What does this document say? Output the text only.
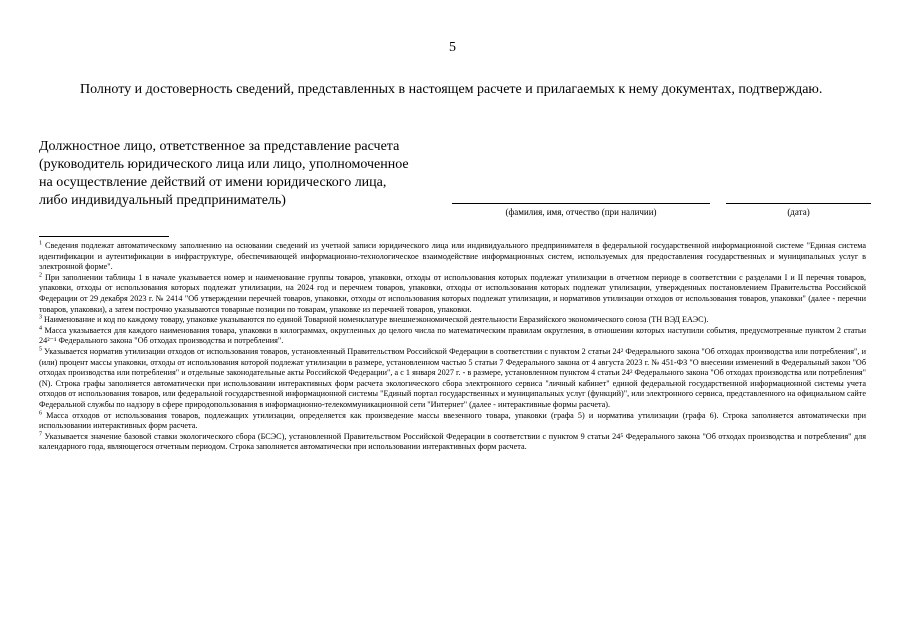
5

Полноту и достоверность сведений, представленных в настоящем расчете и прилагаемых к нему документах, подтверждаю.

Должностное лицо, ответственное за представление расчета
(руководитель юридического лица или лицо, уполномоченное
на осуществление действий от имени юридического лица,
либо индивидуальный предприниматель)

(фамилия, имя, отчество (при наличии)	(дата)
$^1$ Сведения подлежат автоматическому заполнению на основании сведений из учетной записи юридического лица или индивидуального предпринимателя в федеральной государственной информационной системе "Единая система идентификации и аутентификации в инфраструктуре, обеспечивающей информационно-технологическое взаимодействие информационных систем, используемых для предоставления государственных и муниципальных услуг в электронной форме".
$^2$ При заполнении таблицы 1 в начале указывается номер и наименование группы товаров, упаковки, отходы от использования которых подлежат утилизации в отчетном периоде в соответствии с разделами I и II перечня товаров, упаковки, отходы от использования которых подлежат утилизации, на 2024 год и перечнем товаров, упаковки, отходы от использования которых подлежат утилизации, утвержденных постановлением Правительства Российской Федерации от 29 декабря 2023 г. № 2414 "Об утверждении перечней товаров, упаковки, отходы от использования которых подлежат утилизации, и нормативов утилизации отходов от использования товаров, упаковки" (далее - перечни товаров, упаковки), а затем построчно указываются товарные позиции по товарам, упаковке из перечней товаров, упаковки.
$^3$ Наименование и код по каждому товару, упаковке указываются по единой Товарной номенклатуре внешнеэкономической деятельности Евразийского экономического союза (ТН ВЭД ЕАЭС).
$^4$ Масса указывается для каждого наименования товара, упаковки в килограммах, округленных до целого числа по математическим правилам округления, в отношении которых наступили события, предусмотренные пунктом 2 статьи 24²⁻¹ Федерального закона "Об отходах производства и потребления".
$^5$ Указывается норматив утилизации отходов от использования товаров, установленный Правительством Российской Федерации в соответствии с пунктом 2 статьи 24² Федерального закона "Об отходах производства или потребления", и (или) процент массы упаковки, отходы от использования которой подлежат утилизации в размере, установленном частью 5 статьи 7 Федерального закона от 4 августа 2023 г. № 451-ФЗ "О внесении изменений в Федеральный закон "Об отходах производства или потребления" и отдельные законодательные акты Российской Федерации", а с 1 января 2027 г. - в размере, установленном пунктом 4 статьи 24² Федерального закона "Об отходах производства или потребления" (N). Строка графы заполняется автоматически при использовании интерактивных форм расчета экологического сбора электронного сервиса "личный кабинет" единой федеральной государственной информационной системы учета отходов от использования товаров, или федеральной государственной информационной системы "Единый портал государственных и муниципальных услуг (функций)", или электронного сервиса, представленного на официальном сайте Федеральной службы по надзору в сфере природопользования в информационно-телекоммуникационной сети "Интернет" (далее - интерактивные формы расчета).
$^6$ Масса отходов от использования товаров, подлежащих утилизации, определяется как произведение массы ввезенного товара, упаковки (графа 5) и норматива утилизации (графа 6). Строка заполняется автоматически при использовании интерактивных форм расчета.
$^7$ Указывается значение базовой ставки экологического сбора (БСЭС), установленной Правительством Российской Федерации в соответствии с пунктом 9 статьи 24⁵ Федерального закона "Об отходах производства и потребления" для календарного года, являющегося отчетным периодом. Строка заполняется автоматически при использовании интерактивных форм расчета.
